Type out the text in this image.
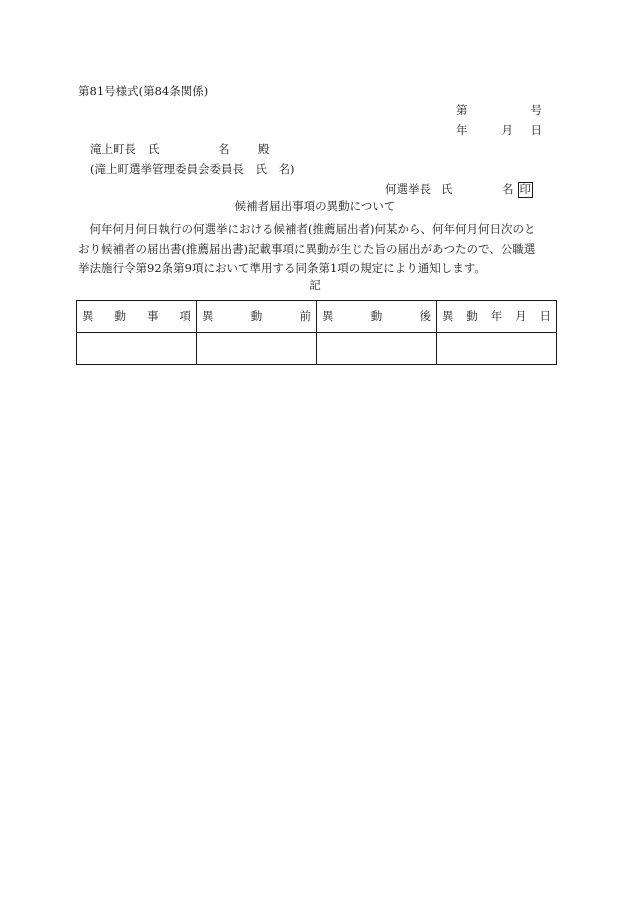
第81号様式(第84条関係)
第	号
年	月	日
滝上町長	氏	名	殿
(滝上町選挙管理委員会委員長　氏　名)
何選挙長 氏	名 印
候補者届出事項の異動について

何年何月何日執行の何選挙における候補者(推薦届出者)何某から、何年何月何日次のと

おり候補者の届出書(推薦届出書)記載事項に異動が生じた旨の届出があつたので、公職選

挙法施行令第92条第9項において準用する同条第1項の規定により通知します。

記
異 動 事 項	異 動 前	異 動 後	異 動 年 月 日
